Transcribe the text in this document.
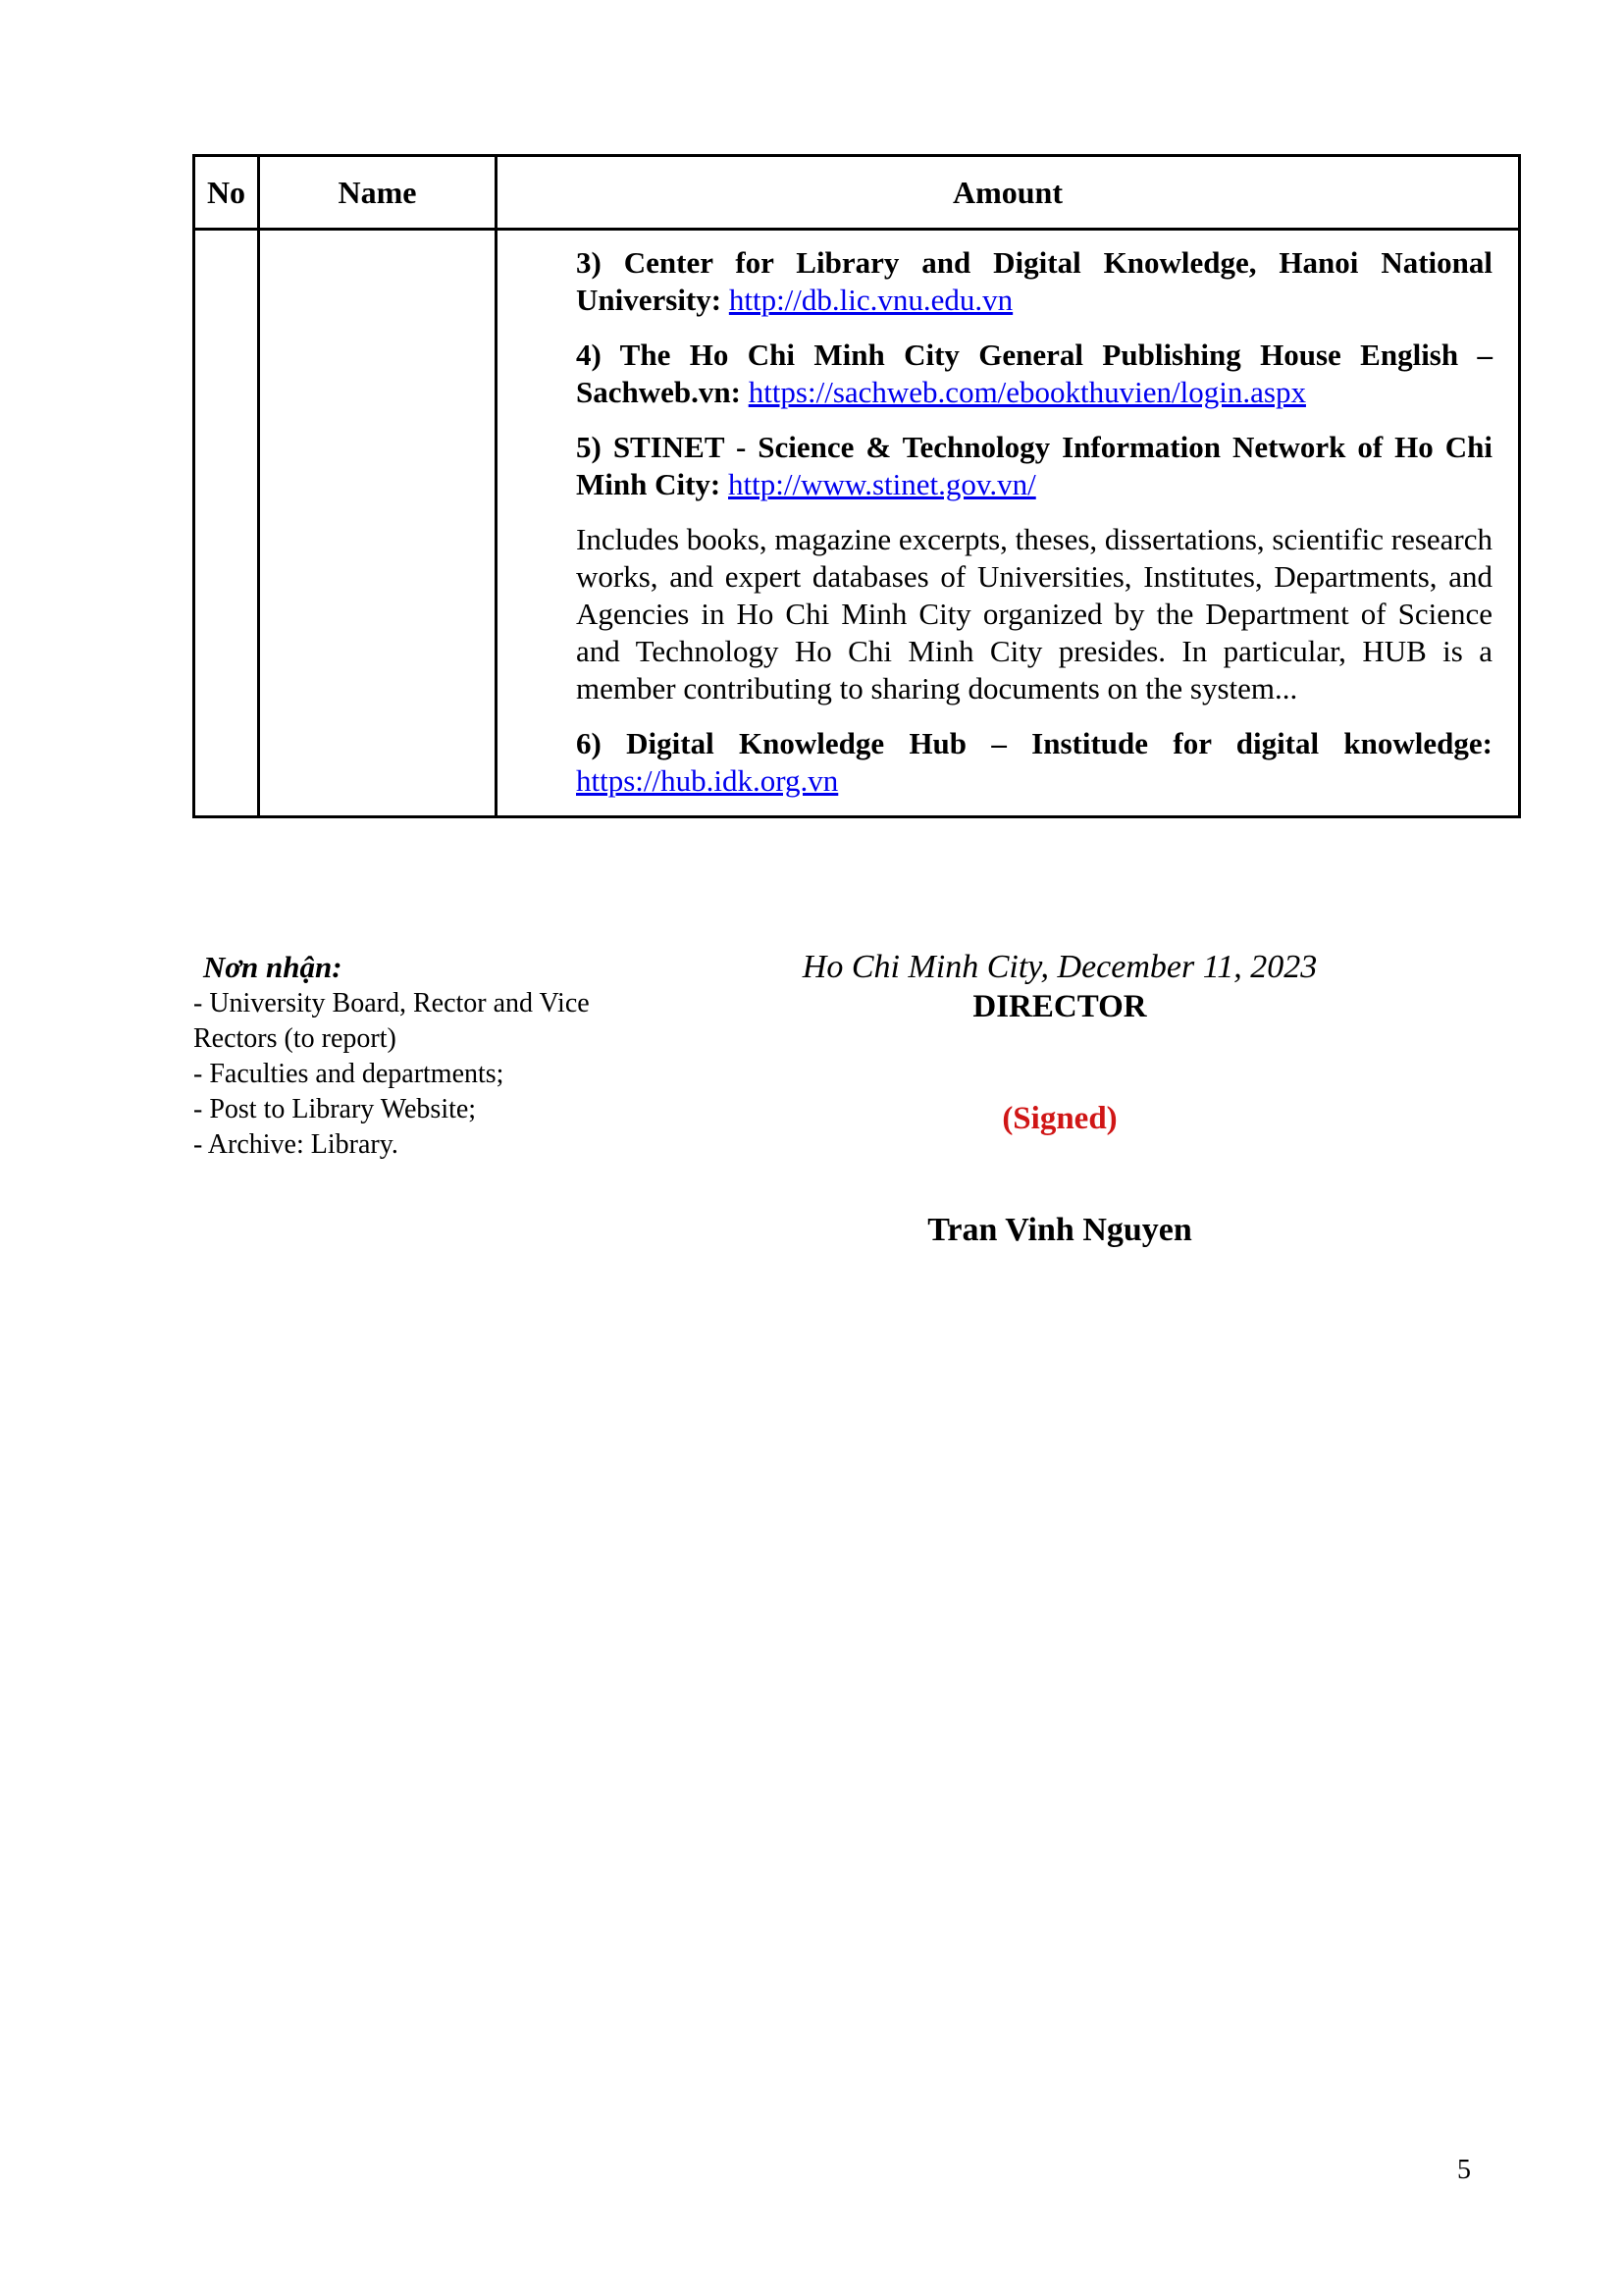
No	Name	Amount

		3) Center for Library and Digital Knowledge, Hanoi National University: http://db.lic.vnu.edu.vn

4) The Ho Chi Minh City General Publishing House English – Sachweb.vn: https://sachweb.com/ebookthuvien/login.aspx

5) STINET - Science & Technology Information Network of Ho Chi Minh City: http://www.stinet.gov.vn/

Includes books, magazine excerpts, theses, dissertations, scientific research works, and expert databases of Universities, Institutes, Departments, and Agencies in Ho Chi Minh City organized by the Department of Science and Technology Ho Chi Minh City presides. In particular, HUB is a member contributing to sharing documents on the system...

6) Digital Knowledge Hub – Institude for digital knowledge: https://hub.idk.org.vn

Nơn nhận:

- University Board, Rector and Vice Rectors (to report)

- Faculties and departments;

- Post to Library Website;

- Archive: Library.

Ho Chi Minh City, December 11, 2023
DIRECTOR
(Signed)
Tran Vinh Nguyen
5
